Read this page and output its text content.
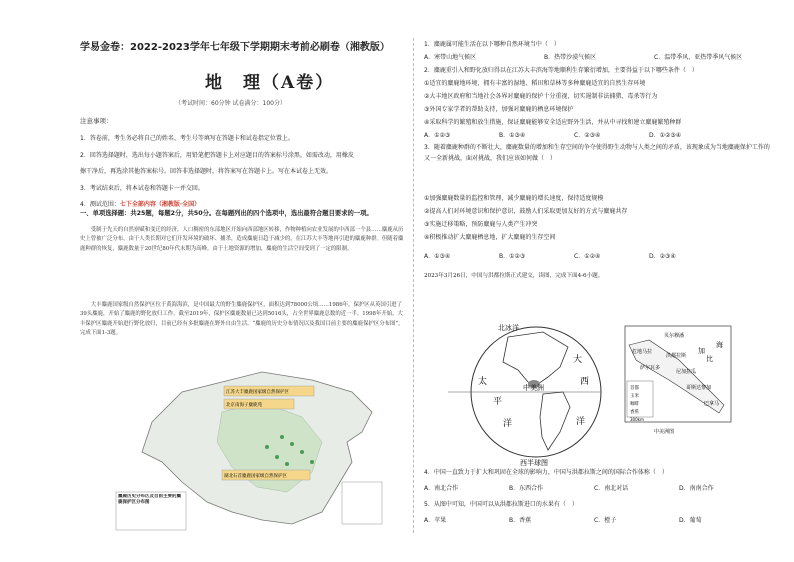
学易金卷：2022-2023学年七年级下学期期末考前必刷卷（湘教版）
地　理（A卷）
（考试时间：60分钟 试卷满分：100分）
注意事项：
1．答卷前，考生务必将自己的姓名、考生号等填写在答题卡和试卷指定位置上。
2．回答选择题时，选出每小题答案后，用铅笔把答题卡上对应题目的答案标号涂黑。如需改动，用橡皮
擦干净后，再选涂其他答案标号。回答非选择题时，将答案写在答题卡上。写在本试卷上无效。
3．考试结束后，将本试卷和答题卡一并交回。
4．测试范围：七下全部内容（湘教版·全国）
一、单项选择题：共25题，每题2分，共50分。在每题列出的四个选项中，选出最符合题目要求的一项。
　　受制于先天的自然禀赋和变迁的经济，人口稠密的东部地区开始向西部地区转移，作物种植向农业发展的中西部一个县……麋鹿从历史上曾被广泛分布，由于人类长期对它们开发环境的破坏、捕杀，造成麋鹿日趋于减少的，在江苏大丰等地再引进的麋鹿种群。但随着麋鹿种群的恢复，麋鹿数量于20世纪80年代末期为高峰。由于土地资源的增加，麋鹿的生活空间受到了一定的限制。
　　大丰麋鹿国家级自然保护区位于黄海海滨，是中国最大的野生麋鹿保护区，面积达到78000公顷……1986年，保护区从英国引进了39头麋鹿，开始了麋鹿的野化放归工作。截至2019年，保护区麋鹿数量已达到5016头，占全世界麋鹿总数的近一半。1998年开始，大丰保护区麋鹿开始进行野化放归，目前已经有多批麋鹿在野外自由生活。“麋鹿的历史分布情况以及我国目前主要的麋鹿保护区分布图”，完成下面1-3题。
江苏大丰麋鹿国家级自然保护区
北京南海子麋鹿苑
湖北石首麋鹿国家级自然保护区
麋鹿历史分布区及目前主要的麋鹿保护区分布图
1．麋鹿属可能生活在以下哪种自然环境当中（　）
A．寒带山地气候区	B．热带沙漠气候区	C．温带季风、亚热带季风气候区
2．麋鹿重引入和野化放归得以在江苏大丰滨海等地顺利生存繁衍增加，主要得益于以下哪些条件（　）
①适宜的麋鹿地环境，拥有丰富的湿地、稻田和草林等多种麋鹿适宜的自然生存环境
②大丰地区政府和当地社会各界对麋鹿的保护十分重视，切实遏制非法捕猎、毒杀等行为
③外国专家学者的帮助支持，加强对麋鹿的栖息环境保护
④采取科学的繁殖和放生措施，保证麋鹿能够安全适应野外生活，并从中寻找和建立麋鹿繁殖种群
A．①②③	B．①③④	C．②③④	D．①②③④
3．随着麋鹿种群的不断壮大，麋鹿数量的增加和生存空间的争夺使得野生动物与人类之间的矛盾，该现象成为当地麋鹿保护工作的又一全新挑战，面对挑战，我们应该如何做（　）
①加强麋鹿数量的监控和管理，减少麋鹿的增长速度，保持适度规模
②提高人们对环境意识和保护意识，鼓励人们采取更加友好的方式与麋鹿共存
③实施迁移策略，预防麋鹿与人类产生冲突
④积极推动扩大麋鹿栖息地，扩大麋鹿的生存空间
A．①③④	B．①②③	C．①②④	D．②③④
2023年3月26日，中国与洪都拉斯正式建交，读图，完成下面4-6小题。
北冰洋
大
太	西
平
中美洲
洋	洋
西半球图
贝尔穆潘
洪都拉斯
危地马拉
尼加拉瓜
哥斯达黎加
巴拿马
萨尔瓦多
海
比
加
首都
玉米
咖啡
香蕉
300km
中美洲图
4．中国一直致力于扩大和巩固在全球的影响力，中国与洪都拉斯之间的国际合作体称（　）
A．南北合作	B．东西合作	C．南北对话	D．南南合作
5．从图中可知，中国可以从洪都拉斯进口的水果有（　）
A．苹果	B．香蕉	C．橙子	D．葡萄
